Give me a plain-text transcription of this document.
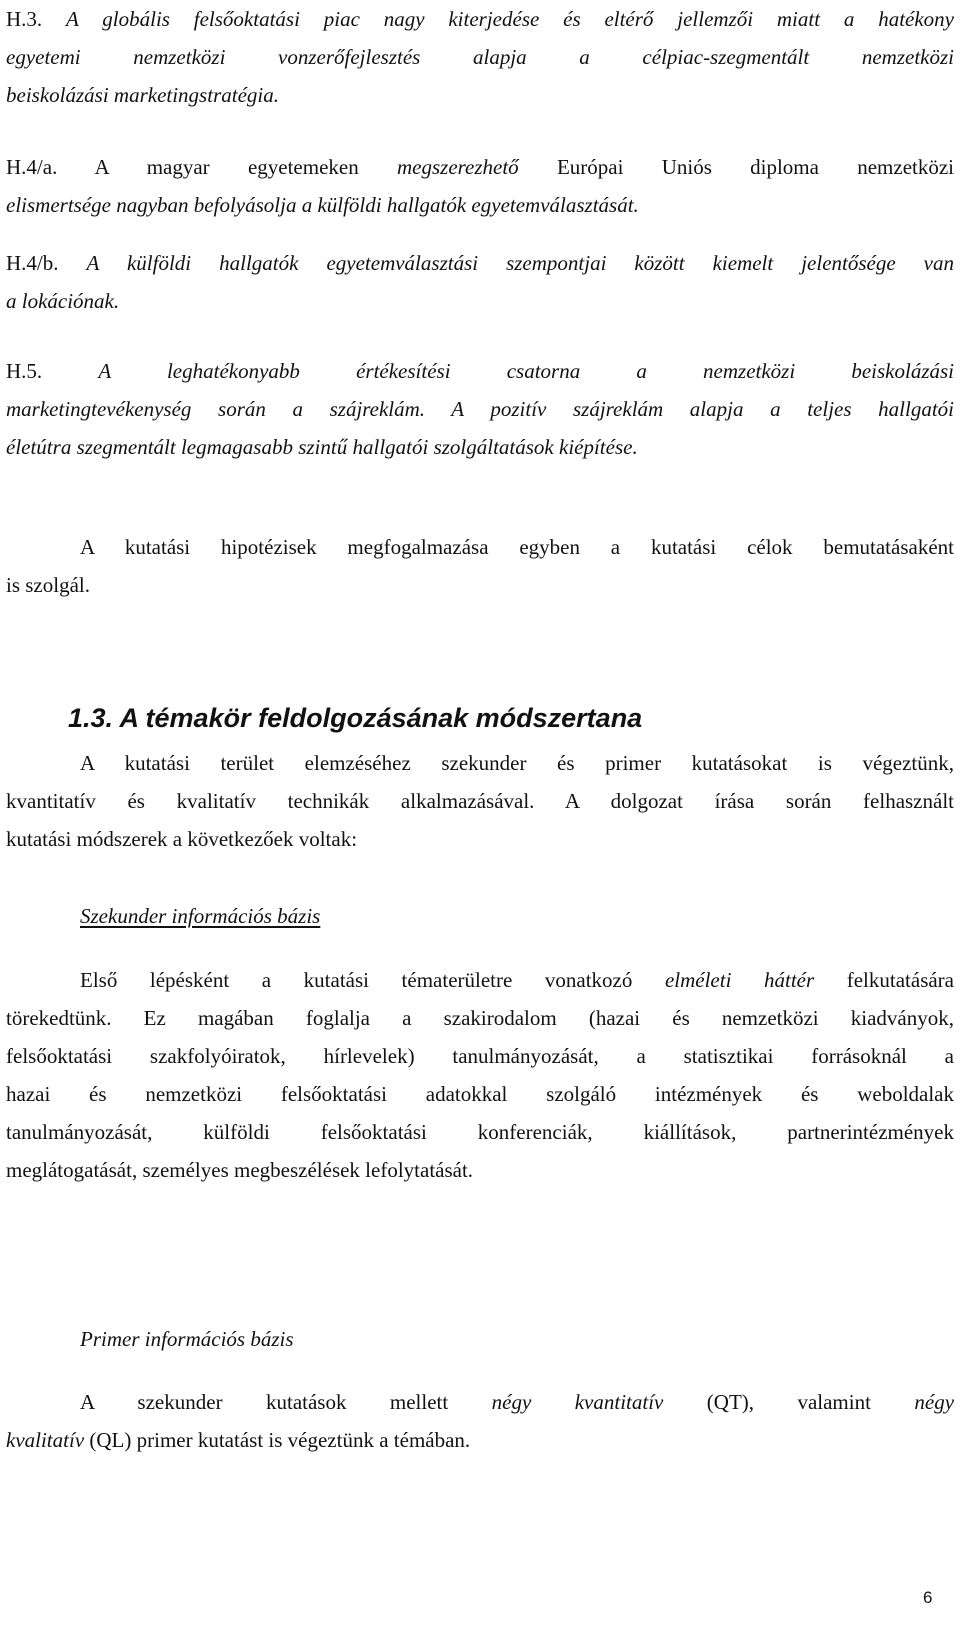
H.3. A globális felsőoktatási piac nagy kiterjedése és eltérő jellemzői miatt a hatékony
egyetemi nemzetközi vonzerőfejlesztés alapja a célpiac-szegmentált nemzetközi
beiskolázási marketingstratégia.
H.4/a. A magyar egyetemeken megszerezhető Európai Uniós diploma nemzetközi
elismertsége nagyban befolyásolja a külföldi hallgatók egyetemválasztását.
H.4/b. A külföldi hallgatók egyetemválasztási szempontjai között kiemelt jelentősége van
a lokációnak.
H.5.	A leghatékonyabb értékesítési csatorna a nemzetközi beiskolázási
marketingtevékenység során a szájreklám. A pozitív szájreklám alapja a teljes hallgatói
életútra szegmentált legmagasabb szintű hallgatói szolgáltatások kiépítése.
A kutatási hipotézisek megfogalmazása egyben a kutatási célok bemutatásaként
is szolgál.
1.3. A témakör feldolgozásának módszertana
A kutatási terület elemzéséhez szekunder és primer kutatásokat is végeztünk,
kvantitatív és kvalitatív technikák alkalmazásával. A dolgozat írása során felhasznált
kutatási módszerek a következőek voltak:

Szekunder információs bázis

Első lépésként a kutatási tématerületre vonatkozó elméleti háttér felkutatására
törekedtünk. Ez magában foglalja a szakirodalom (hazai és nemzetközi kiadványok,
felsőoktatási szakfolyóiratok, hírlevelek) tanulmányozását, a statisztikai forrásoknál a
hazai és nemzetközi felsőoktatási adatokkal szolgáló intézmények és weboldalak
tanulmányozását, külföldi felsőoktatási konferenciák, kiállítások, partnerintézmények
meglátogatását, személyes megbeszélések lefolytatását.

Primer információs bázis

A szekunder kutatások mellett négy kvantitatív (QT), valamint négy
kvalitatív (QL) primer kutatást is végeztünk a témában.
6
